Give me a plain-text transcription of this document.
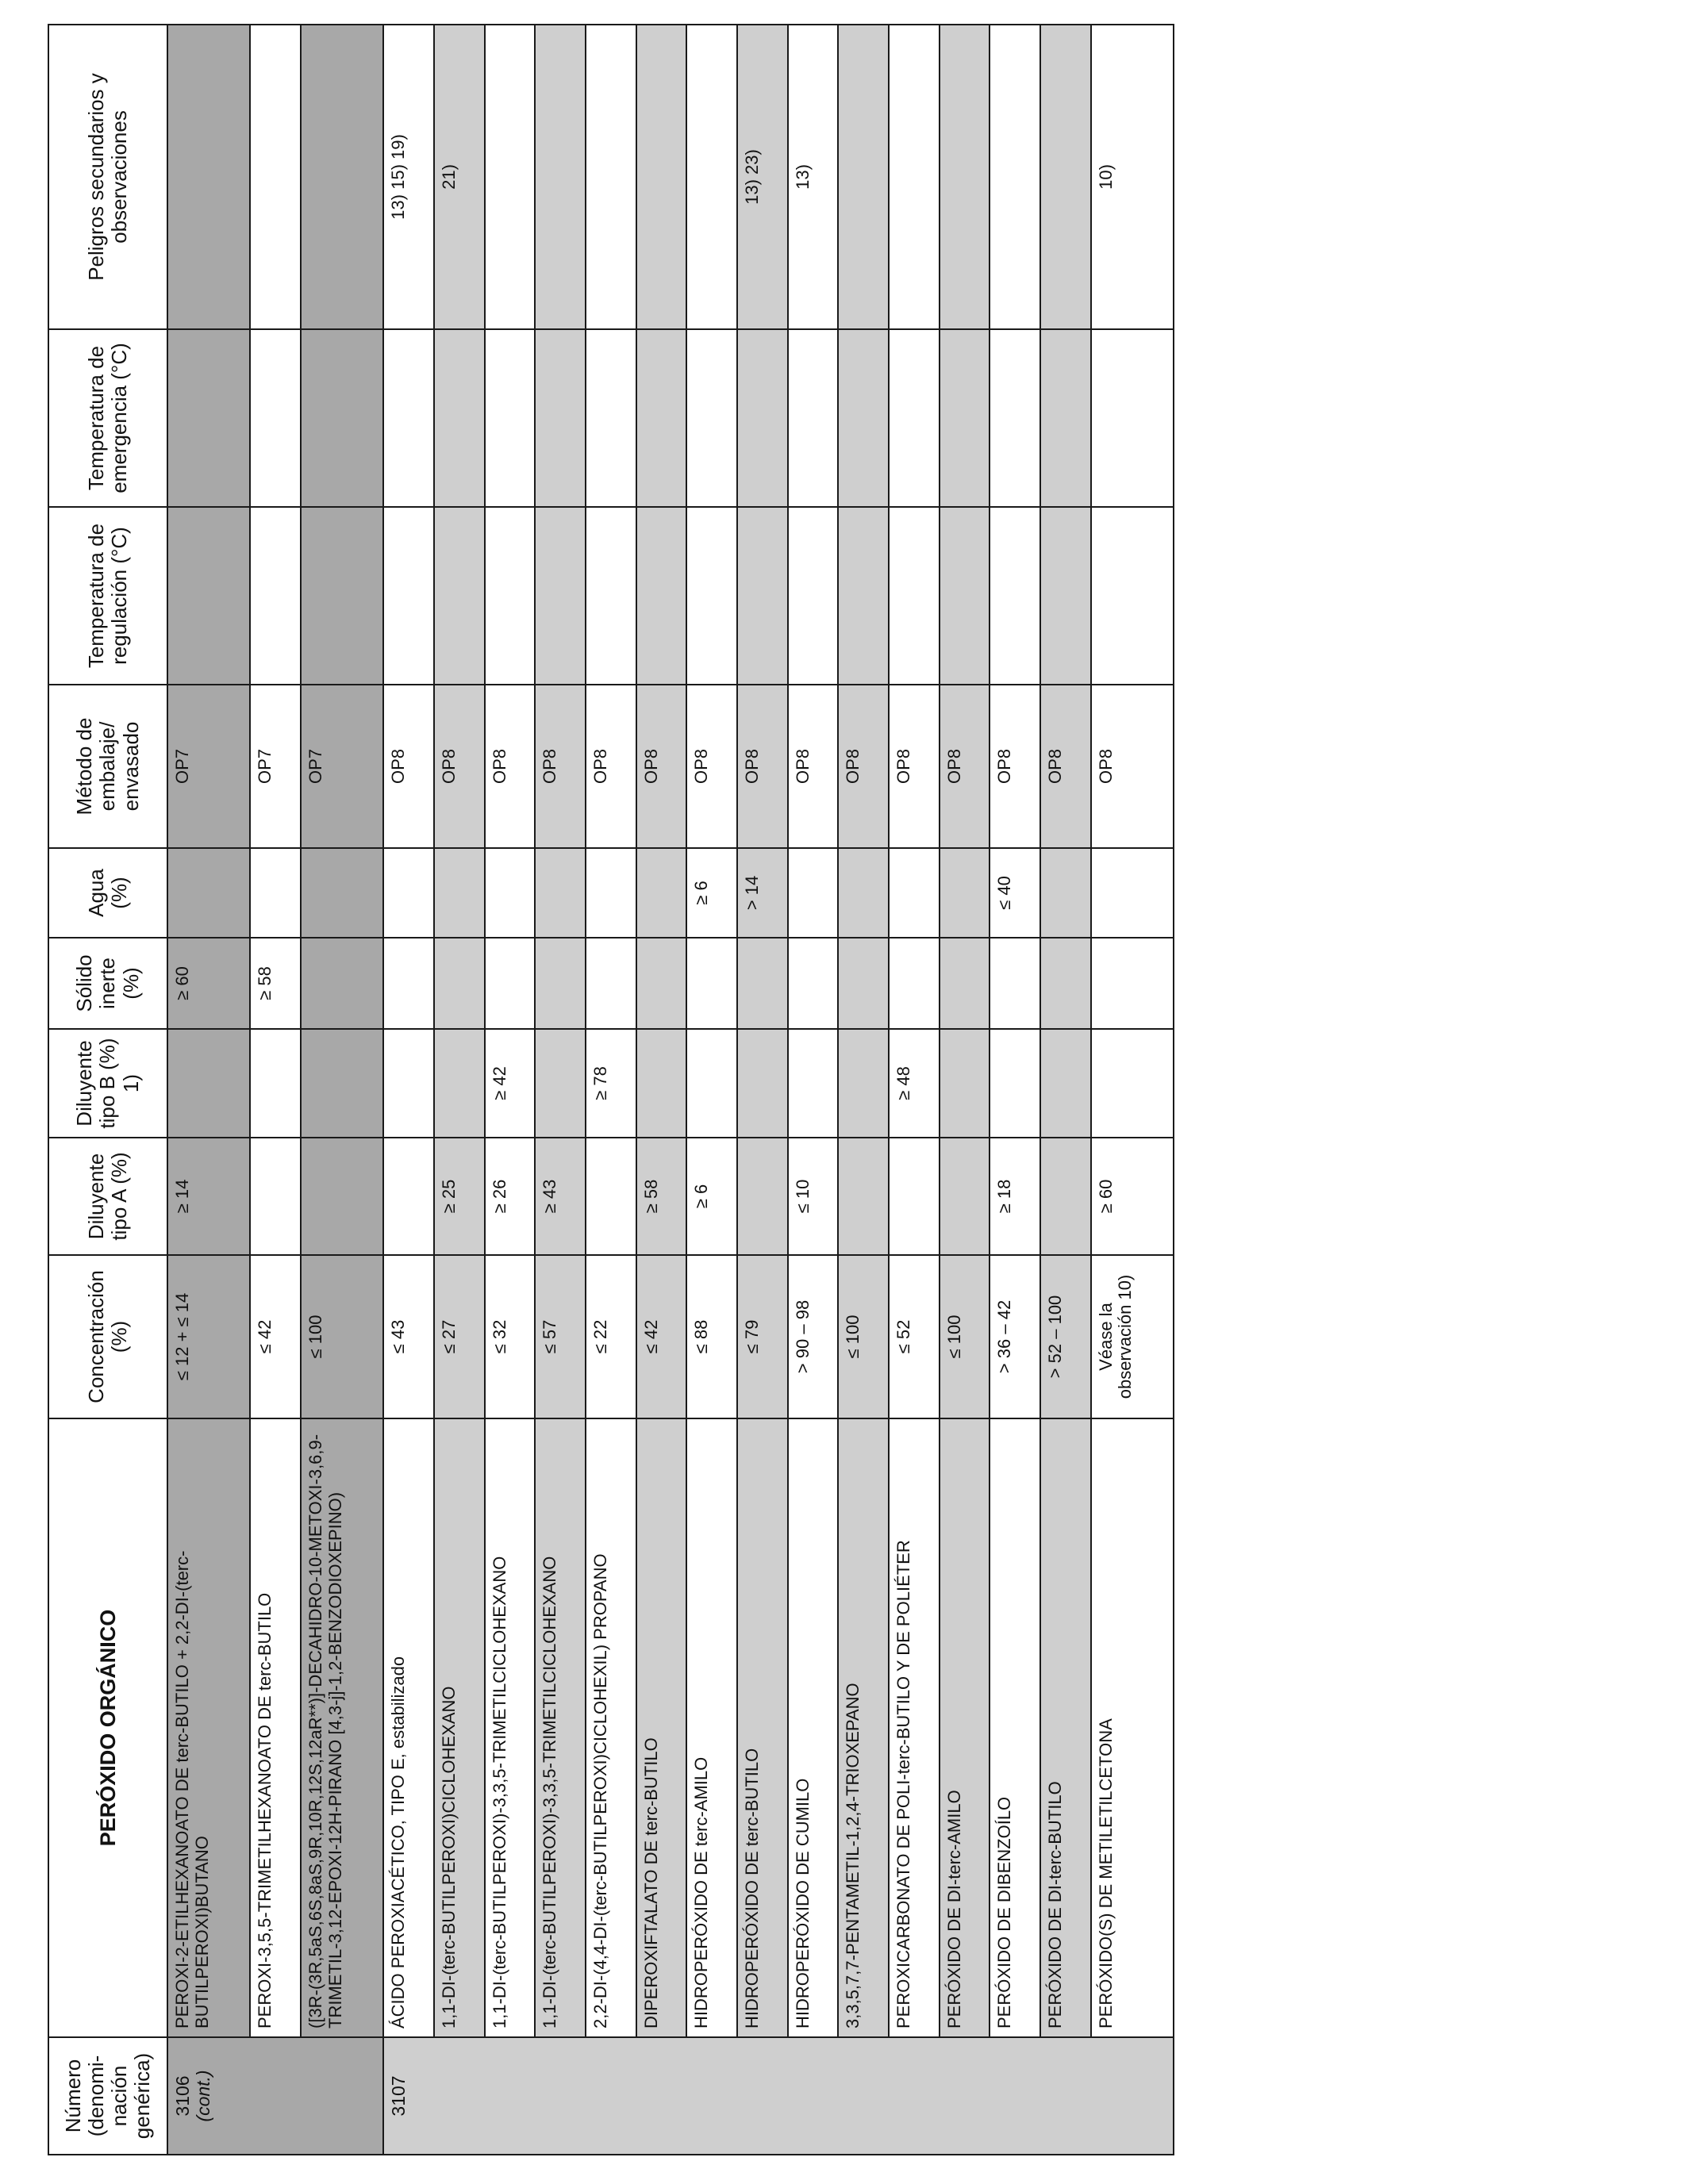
Número (denomi-nación genérica)	PERÓXIDO ORGÁNICO	Concentración (%)	Diluyente tipo A (%)	Diluyente tipo B (%) 1)	Sólido inerte (%)	Agua (%)	Método de embalaje/ envasado	Temperatura de regulación (°C)	Temperatura de emergencia (°C)	Peligros secundarios y observaciones
3106 (cont.)	PEROXI-2-ETILHEXANOATO DE terc-BUTILO + 2,2-DI-(terc-BUTILPEROXI)BUTANO	≤ 12 + ≤ 14	≥ 14		≥ 60		OP7			
	PEROXI-3,5,5-TRIMETILHEXANOATO DE terc-BUTILO	≤ 42			≥ 58		OP7			
	([3R-(3R,5aS,6S,8aS,9R,10R,12S,12aR**)]-DECAHIDRO-10-METOXI-3,6,9-TRIMETIL-3,12-EPOXI-12H-PIRANO [4,3-j]-1,2-BENZODIOXEPINO)	≤ 100					OP7			
3107	ÁCIDO PEROXIACÉTICO, TIPO E, estabilizado	≤ 43					OP8			13) 15) 19)
	1,1-DI-(terc-BUTILPEROXI)CICLOHEXANO	≤ 27	≥ 25				OP8			21)
	1,1-DI-(terc-BUTILPEROXI)-3,3,5-TRIMETILCICLOHEXANO	≤ 32	≥ 26	≥ 42			OP8			
	1,1-DI-(terc-BUTILPEROXI)-3,3,5-TRIMETILCICLOHEXANO	≤ 57	≥ 43				OP8			
	2,2-DI-(4,4-DI-(terc-BUTILPEROXI)CICLOHEXIL) PROPANO	≤ 22		≥ 78			OP8			
	DIPEROXIFTALATO DE terc-BUTILO	≤ 42	≥ 58				OP8			
	HIDROPERÓXIDO DE terc-AMILO	≤ 88	≥ 6			≥ 6	OP8			
	HIDROPERÓXIDO DE terc-BUTILO	≤ 79				> 14	OP8			13) 23)
	HIDROPERÓXIDO DE CUMILO	> 90 – 98	≤ 10				OP8			13)
	3,3,5,7,7-PENTAMETIL-1,2,4-TRIOXEPANO	≤ 100					OP8			
	PEROXICARBONATO DE POLI-terc-BUTILO Y DE POLIÉTER	≤ 52		≥ 48			OP8			
	PERÓXIDO DE DI-terc-AMILO	≤ 100					OP8			
	PERÓXIDO DE DIBENZOÍLO	> 36 – 42	≥ 18			≤ 40	OP8			
	PERÓXIDO DE DI-terc-BUTILO	> 52 – 100					OP8			
	PERÓXIDO(S) DE METILETILCETONA	Véase la observación 10)	≥ 60				OP8			10)
